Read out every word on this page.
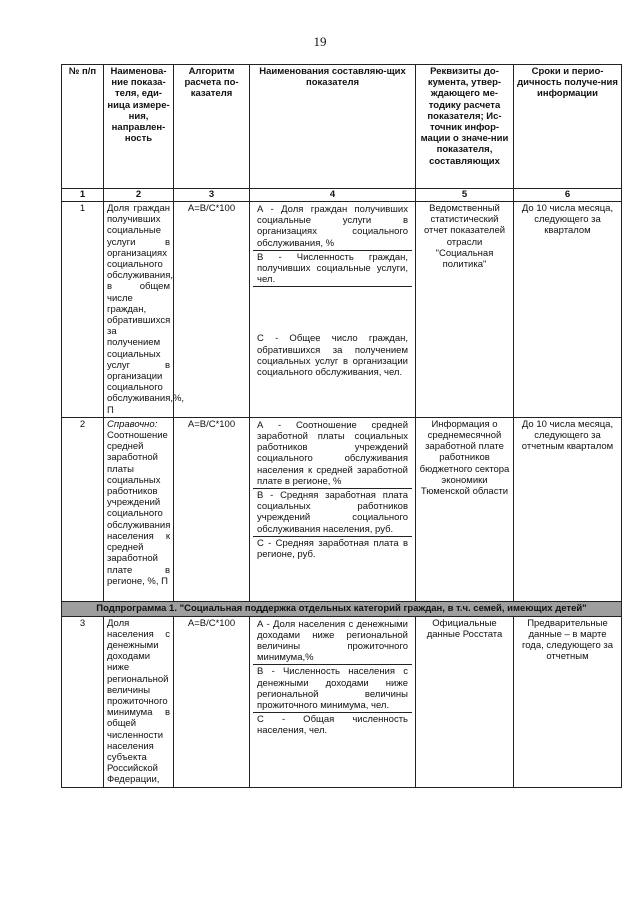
19
№ п/п	Наименова-ние показа-теля, еди-ница измере-ния, направлен-ность	Алгоритм расчета по-казателя	Наименования составляю-щих показателя	Реквизиты до-кумента, утвер-ждающего ме-тодику расчета показателя; Ис-точник инфор-мации о значе-нии показателя, составляющих	Сроки и перио-дичность получе-ния информации
1	2	3	4	5	6
1	Доля граждан получивших социальные услуги в организациях социального обслуживания, в общем числе граждан, обратившихся за получением социальных услуг в организации социального обслуживания,%, П	А=В/С*100	А - Доля граждан получивших социальные услуги в организациях социального обслуживания, %
В - Численность граждан, получивших социальные услуги, чел.
С - Общее число граждан, обратившихся за получением социальных услуг в организации социального обслуживания, чел.	Ведомственный статистический отчет показателей отрасли "Социальная политика"	До 10 числа месяца, следующего за кварталом
2	Справочно: Соотношение средней заработной платы социальных работников учреждений социального обслуживания населения к средней заработной плате в регионе, %, П	А=В/С*100	А - Соотношение средней заработной платы социальных работников учреждений социального обслуживания населения к средней заработной плате в регионе, %
В - Средняя заработная плата социальных работников учреждений социального обслуживания населения, руб.
С - Средняя заработная плата в регионе, руб.	Информация о среднемесячной заработной плате работников бюджетного сектора экономики Тюменской области	До 10 числа месяца, следующего за отчетным кварталом
Подпрограмма 1. "Социальная поддержка отдельных категорий граждан, в т.ч. семей, имеющих детей"					
3	Доля населения с денежными доходами ниже региональной величины прожиточного минимума в общей численности населения субъекта Российской Федерации,	А=В/С*100	А - Доля населения с денежными доходами ниже региональной величины прожиточного минимума,%
В - Численность населения с денежными доходами ниже региональной величины прожиточного минимума, чел.
С - Общая численность населения, чел.	Официальные данные Росстата	Предварительные данные – в марте года, следующего за отчетным
